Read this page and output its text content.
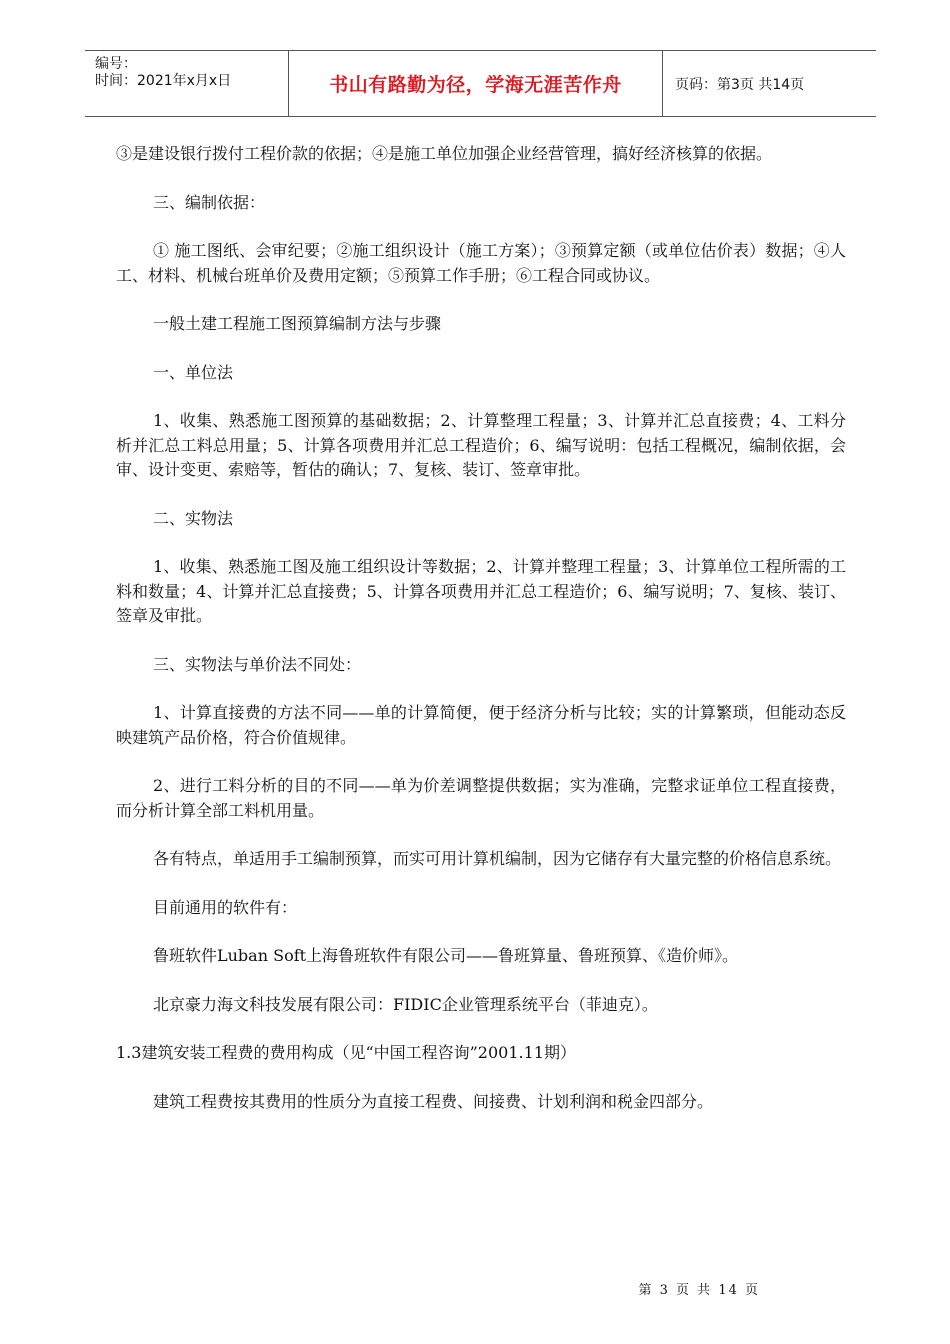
编号：
时间：2021年x月x日	书山有路勤为径，学海无涯苦作舟	页码：第3页 共14页

③是建设银行拨付工程价款的依据；④是施工单位加强企业经营管理，搞好经济核算的依据。

三、编制依据：

① 施工图纸、会审纪要；②施工组织设计（施工方案）；③预算定额（或单位估价表）数据；④人工、材料、机械台班单价及费用定额；⑤预算工作手册；⑥工程合同或协议。

一般土建工程施工图预算编制方法与步骤

一、单位法

1、收集、熟悉施工图预算的基础数据；2、计算整理工程量；3、计算并汇总直接费；4、工料分析并汇总工料总用量；5、计算各项费用并汇总工程造价；6、编写说明：包括工程概况，编制依据，会审、设计变更、索赔等，暂估的确认；7、复核、装订、签章审批。

二、实物法

1、收集、熟悉施工图及施工组织设计等数据；2、计算并整理工程量；3、计算单位工程所需的工料和数量；4、计算并汇总直接费；5、计算各项费用并汇总工程造价；6、编写说明；7、复核、装订、签章及审批。

三、实物法与单价法不同处：

1、计算直接费的方法不同——单的计算简便，便于经济分析与比较；实的计算繁琐，但能动态反映建筑产品价格，符合价值规律。

2、进行工料分析的目的不同——单为价差调整提供数据；实为准确，完整求证单位工程直接费，而分析计算全部工料机用量。

各有特点，单适用手工编制预算，而实可用计算机编制，因为它储存有大量完整的价格信息系统。

目前通用的软件有：

鲁班软件Luban Soft上海鲁班软件有限公司——鲁班算量、鲁班预算、《造价师》。

北京豪力海文科技发展有限公司：FIDIC企业管理系统平台（菲迪克）。

1.3建筑安装工程费的费用构成（见“中国工程咨询”2001.11期）

建筑工程费按其费用的性质分为直接工程费、间接费、计划利润和税金四部分。

第 3 页 共 14 页
